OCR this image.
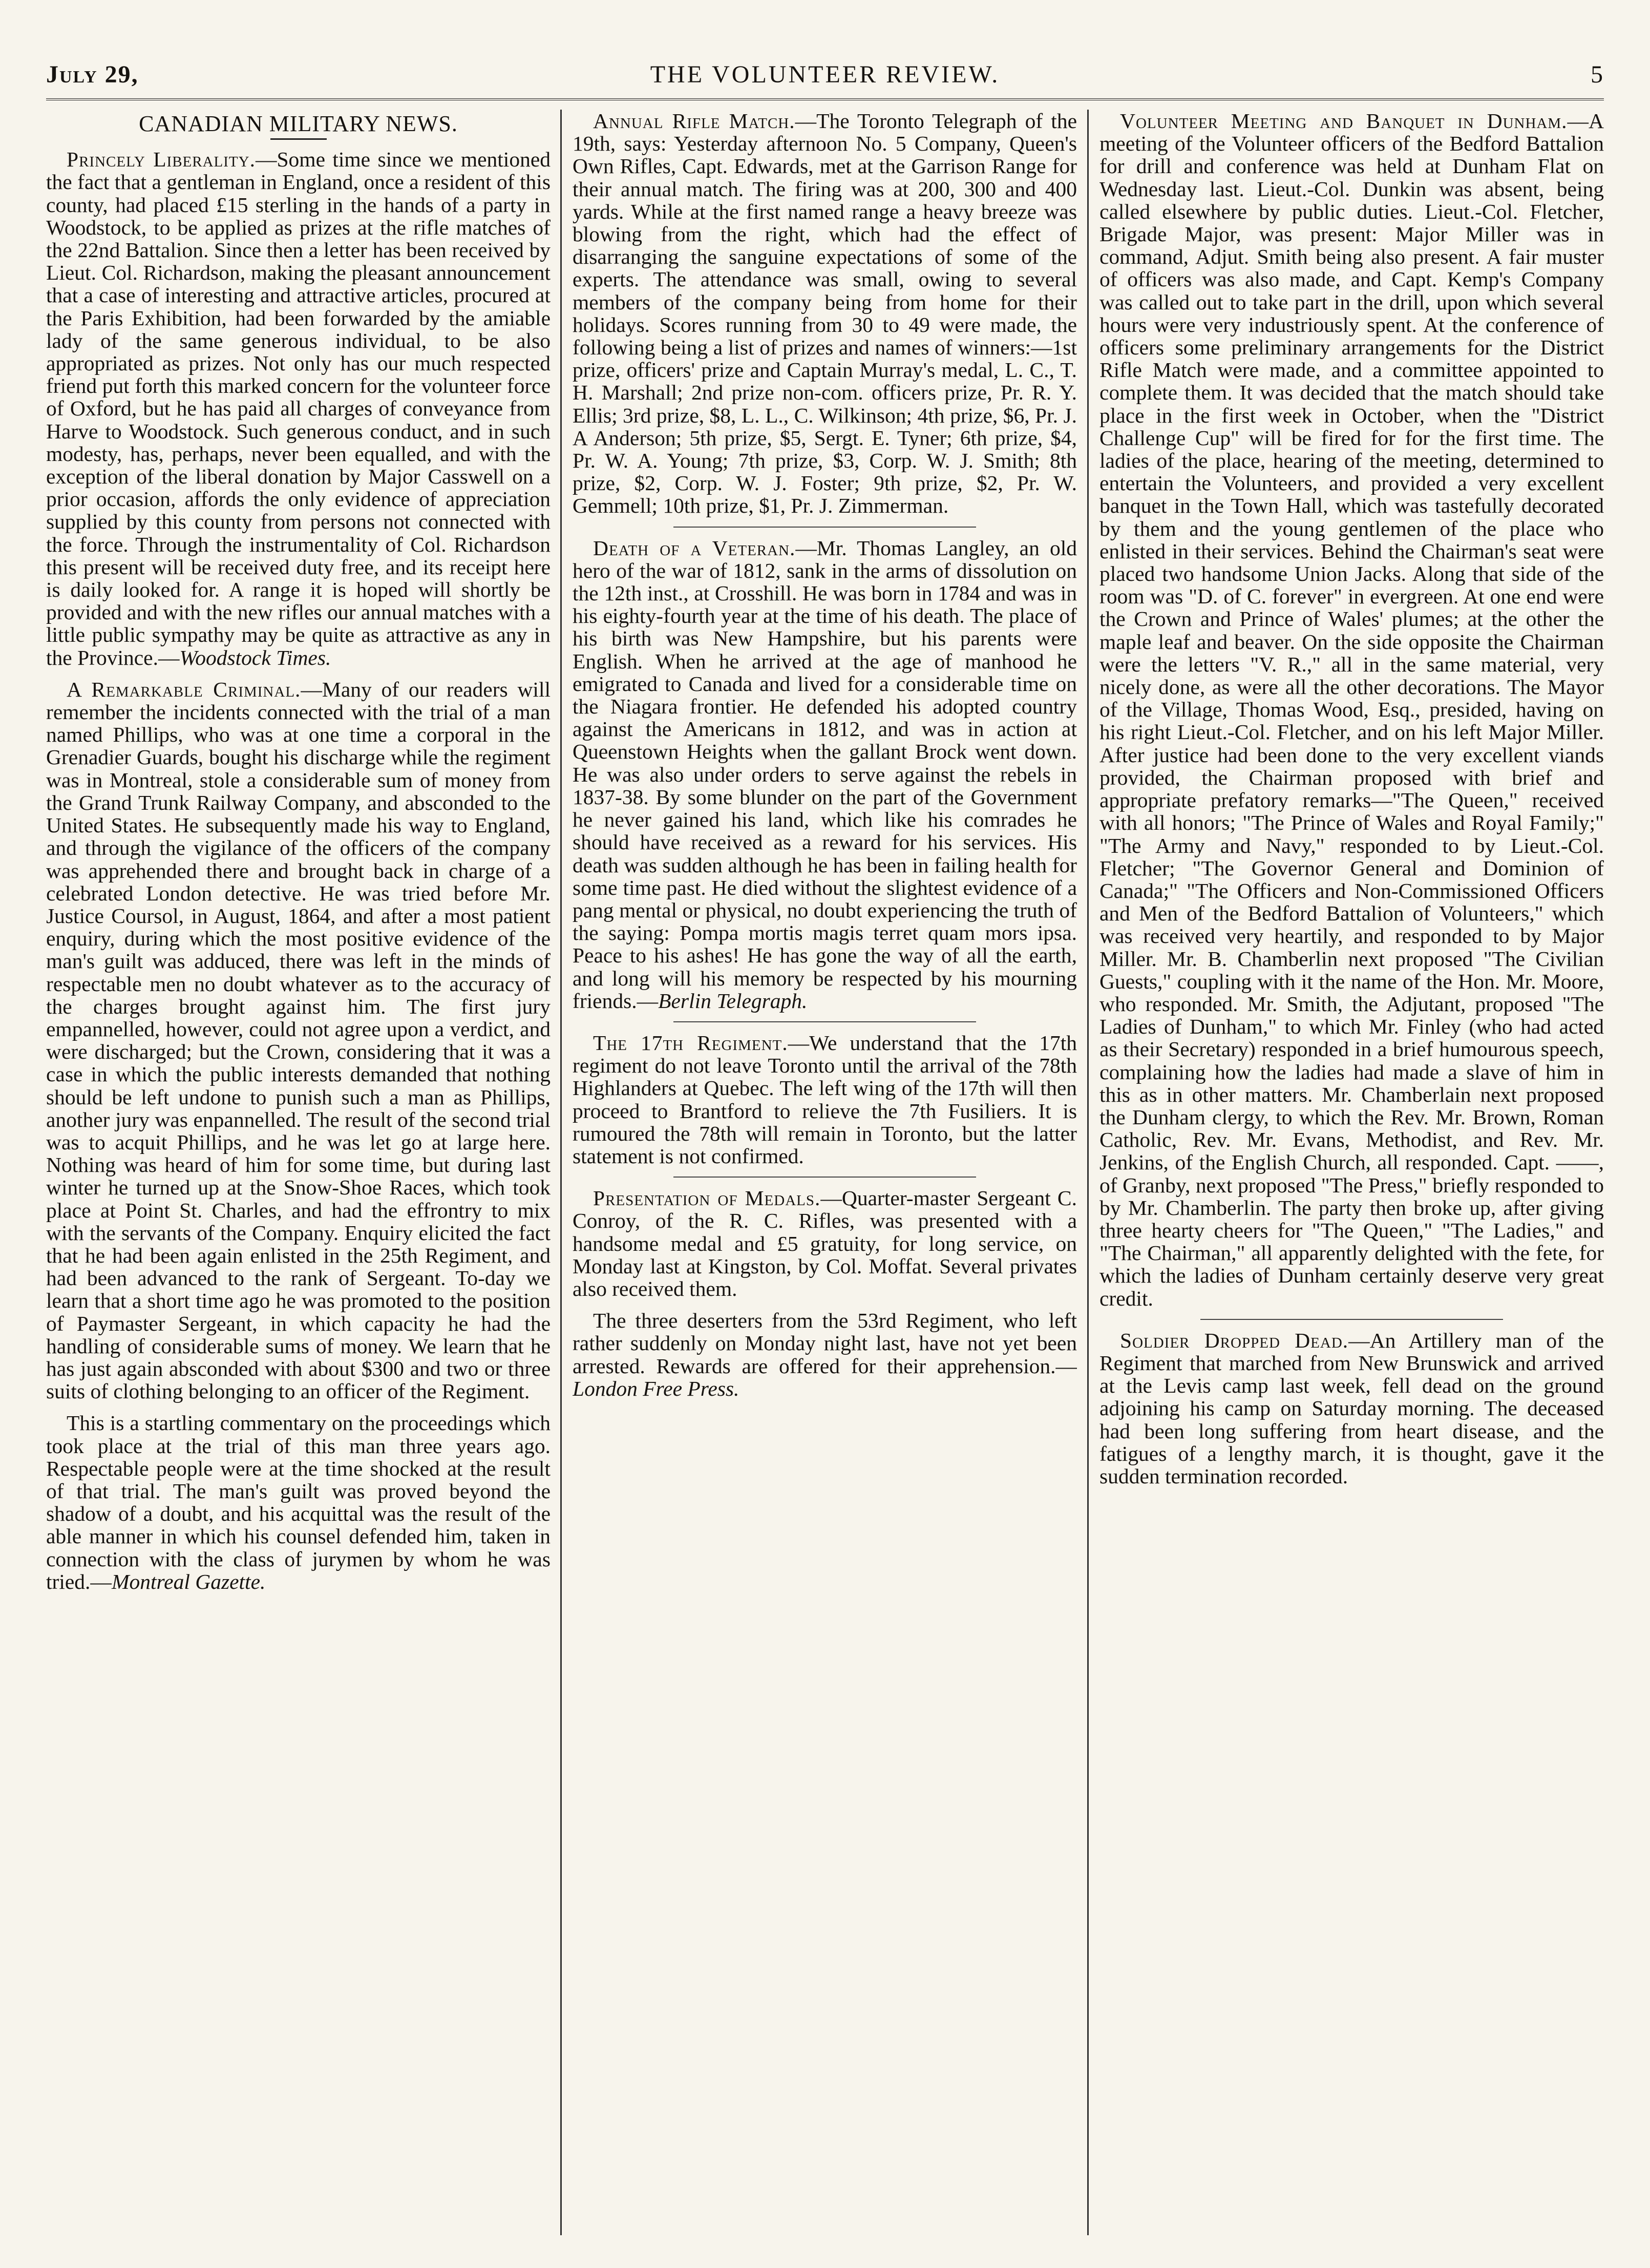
July 29,	THE VOLUNTEER REVIEW.	5
CANADIAN MILITARY NEWS.

Princely Liberality.—Some time since we mentioned the fact that a gentleman in England, once a resident of this county, had placed £15 sterling in the hands of a party in Woodstock, to be applied as prizes at the rifle matches of the 22nd Battalion. Since then a letter has been received by Lieut. Col. Richardson, making the pleasant announcement that a case of interesting and attractive articles, procured at the Paris Exhibition, had been forwarded by the amiable lady of the same generous individual, to be also appropriated as prizes. Not only has our much respected friend put forth this marked concern for the volunteer force of Oxford, but he has paid all charges of conveyance from Harve to Woodstock. Such generous conduct, and in such modesty, has, perhaps, never been equalled, and with the exception of the liberal donation by Major Casswell on a prior occasion, affords the only evidence of appreciation supplied by this county from persons not connected with the force. Through the instrumentality of Col. Richardson this present will be received duty free, and its receipt here is daily looked for. A range it is hoped will shortly be provided and with the new rifles our annual matches with a little public sympathy may be quite as attractive as any in the Province.—Woodstock Times.

A Remarkable Criminal.—Many of our readers will remember the incidents connected with the trial of a man named Phillips, who was at one time a corporal in the Grenadier Guards, bought his discharge while the regiment was in Montreal, stole a considerable sum of money from the Grand Trunk Railway Company, and absconded to the United States. He subsequently made his way to England, and through the vigilance of the officers of the company was apprehended there and brought back in charge of a celebrated London detective. He was tried before Mr. Justice Coursol, in August, 1864, and after a most patient enquiry, during which the most positive evidence of the man's guilt was adduced, there was left in the minds of respectable men no doubt whatever as to the accuracy of the charges brought against him. The first jury empannelled, however, could not agree upon a verdict, and were discharged; but the Crown, considering that it was a case in which the public interests demanded that nothing should be left undone to punish such a man as Phillips, another jury was enpannelled. The result of the second trial was to acquit Phillips, and he was let go at large here. Nothing was heard of him for some time, but during last winter he turned up at the Snow-Shoe Races, which took place at Point St. Charles, and had the effrontry to mix with the servants of the Company. Enquiry elicited the fact that he had been again enlisted in the 25th Regiment, and had been advanced to the rank of Sergeant. To-day we learn that a short time ago he was promoted to the position of Paymaster Sergeant, in which capacity he had the handling of considerable sums of money. We learn that he has just again absconded with about $300 and two or three suits of clothing belonging to an officer of the Regiment.

This is a startling commentary on the proceedings which took place at the trial of this man three years ago. Respectable people were at the time shocked at the result of that trial. The man's guilt was proved beyond the shadow of a doubt, and his acquittal was the result of the able manner in which his counsel defended him, taken in connection with the class of jurymen by whom he was tried.—Montreal Gazette.

Annual Rifle Match.—The Toronto Telegraph of the 19th, says: Yesterday afternoon No. 5 Company, Queen's Own Rifles, Capt. Edwards, met at the Garrison Range for their annual match. The firing was at 200, 300 and 400 yards. While at the first named range a heavy breeze was blowing from the right, which had the effect of disarranging the sanguine expectations of some of the experts. The attendance was small, owing to several members of the company being from home for their holidays. Scores running from 30 to 49 were made, the following being a list of prizes and names of winners:—1st prize, officers' prize and Captain Murray's medal, L. C., T. H. Marshall; 2nd prize non-com. officers prize, Pr. R. Y. Ellis; 3rd prize, $8, L. L., C. Wilkinson; 4th prize, $6, Pr. J. A Anderson; 5th prize, $5, Sergt. E. Tyner; 6th prize, $4, Pr. W. A. Young; 7th prize, $3, Corp. W. J. Smith; 8th prize, $2, Corp. W. J. Foster; 9th prize, $2, Pr. W. Gemmell; 10th prize, $1, Pr. J. Zimmerman.

Death of a Veteran.—Mr. Thomas Langley, an old hero of the war of 1812, sank in the arms of dissolution on the 12th inst., at Crosshill. He was born in 1784 and was in his eighty-fourth year at the time of his death. The place of his birth was New Hampshire, but his parents were English. When he arrived at the age of manhood he emigrated to Canada and lived for a considerable time on the Niagara frontier. He defended his adopted country against the Americans in 1812, and was in action at Queenstown Heights when the gallant Brock went down. He was also under orders to serve against the rebels in 1837-38. By some blunder on the part of the Government he never gained his land, which like his comrades he should have received as a reward for his services. His death was sudden although he has been in failing health for some time past. He died without the slightest evidence of a pang mental or physical, no doubt experiencing the truth of the saying: Pompa mortis magis terret quam mors ipsa. Peace to his ashes! He has gone the way of all the earth, and long will his memory be respected by his mourning friends.—Berlin Telegraph.

The 17th Regiment.—We understand that the 17th regiment do not leave Toronto until the arrival of the 78th Highlanders at Quebec. The left wing of the 17th will then proceed to Brantford to relieve the 7th Fusiliers. It is rumoured the 78th will remain in Toronto, but the latter statement is not confirmed.

Presentation of Medals.—Quarter-master Sergeant C. Conroy, of the R. C. Rifles, was presented with a handsome medal and £5 gratuity, for long service, on Monday last at Kingston, by Col. Moffat. Several privates also received them.

The three deserters from the 53rd Regiment, who left rather suddenly on Monday night last, have not yet been arrested. Rewards are offered for their apprehension.—London Free Press.

Volunteer Meeting and Banquet in Dunham.—A meeting of the Volunteer officers of the Bedford Battalion for drill and conference was held at Dunham Flat on Wednesday last. Lieut.-Col. Dunkin was absent, being called elsewhere by public duties. Lieut.-Col. Fletcher, Brigade Major, was present: Major Miller was in command, Adjut. Smith being also present. A fair muster of officers was also made, and Capt. Kemp's Company was called out to take part in the drill, upon which several hours were very industriously spent. At the conference of officers some preliminary arrangements for the District Rifle Match were made, and a committee appointed to complete them. It was decided that the match should take place in the first week in October, when the "District Challenge Cup" will be fired for for the first time. The ladies of the place, hearing of the meeting, determined to entertain the Volunteers, and provided a very excellent banquet in the Town Hall, which was tastefully decorated by them and the young gentlemen of the place who enlisted in their services. Behind the Chairman's seat were placed two handsome Union Jacks. Along that side of the room was "D. of C. forever" in evergreen. At one end were the Crown and Prince of Wales' plumes; at the other the maple leaf and beaver. On the side opposite the Chairman were the letters "V. R.," all in the same material, very nicely done, as were all the other decorations. The Mayor of the Village, Thomas Wood, Esq., presided, having on his right Lieut.-Col. Fletcher, and on his left Major Miller. After justice had been done to the very excellent viands provided, the Chairman proposed with brief and appropriate prefatory remarks—"The Queen," received with all honors; "The Prince of Wales and Royal Family;" "The Army and Navy," responded to by Lieut.-Col. Fletcher; "The Governor General and Dominion of Canada;" "The Officers and Non-Commissioned Officers and Men of the Bedford Battalion of Volunteers," which was received very heartily, and responded to by Major Miller. Mr. B. Chamberlin next proposed "The Civilian Guests," coupling with it the name of the Hon. Mr. Moore, who responded. Mr. Smith, the Adjutant, proposed "The Ladies of Dunham," to which Mr. Finley (who had acted as their Secretary) responded in a brief humourous speech, complaining how the ladies had made a slave of him in this as in other matters. Mr. Chamberlain next proposed the Dunham clergy, to which the Rev. Mr. Brown, Roman Catholic, Rev. Mr. Evans, Methodist, and Rev. Mr. Jenkins, of the English Church, all responded. Capt. ——, of Granby, next proposed "The Press," briefly responded to by Mr. Chamberlin. The party then broke up, after giving three hearty cheers for "The Queen," "The Ladies," and "The Chairman," all apparently delighted with the fete, for which the ladies of Dunham certainly deserve very great credit.

Soldier Dropped Dead.—An Artillery man of the Regiment that marched from New Brunswick and arrived at the Levis camp last week, fell dead on the ground adjoining his camp on Saturday morning. The deceased had been long suffering from heart disease, and the fatigues of a lengthy march, it is thought, gave it the sudden termination recorded.
